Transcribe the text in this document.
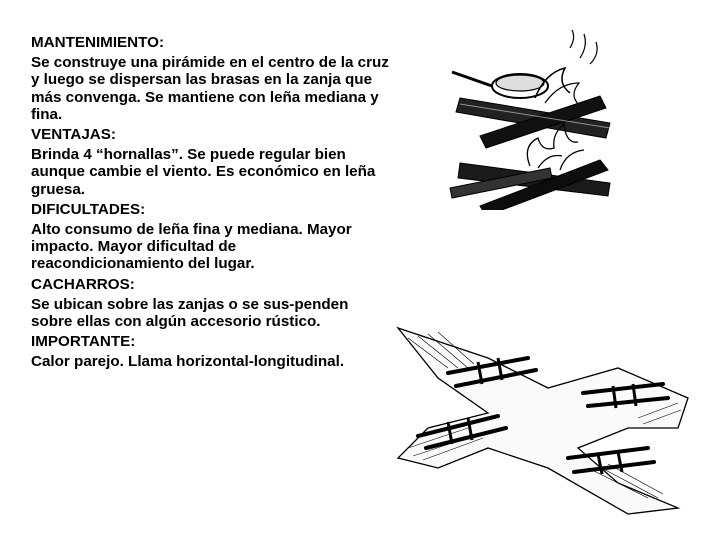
MANTENIMIENTO:

Se construye una pirámide en el centro de la cruz y luego se dispersan las brasas en la zanja que más convenga. Se mantiene con leña mediana y fina.

VENTAJAS:

Brinda 4 “hornallas”. Se puede regular bien aunque cambie el viento. Es económico en leña gruesa.

DIFICULTADES:

Alto consumo de leña fina y mediana. Mayor impacto. Mayor dificultad de reacondicionamiento del lugar.

CACHARROS:

Se ubican sobre las zanjas o se sus-penden sobre ellas con algún accesorio rústico.

IMPORTANTE:

Calor parejo. Llama horizontal-longitudinal.
